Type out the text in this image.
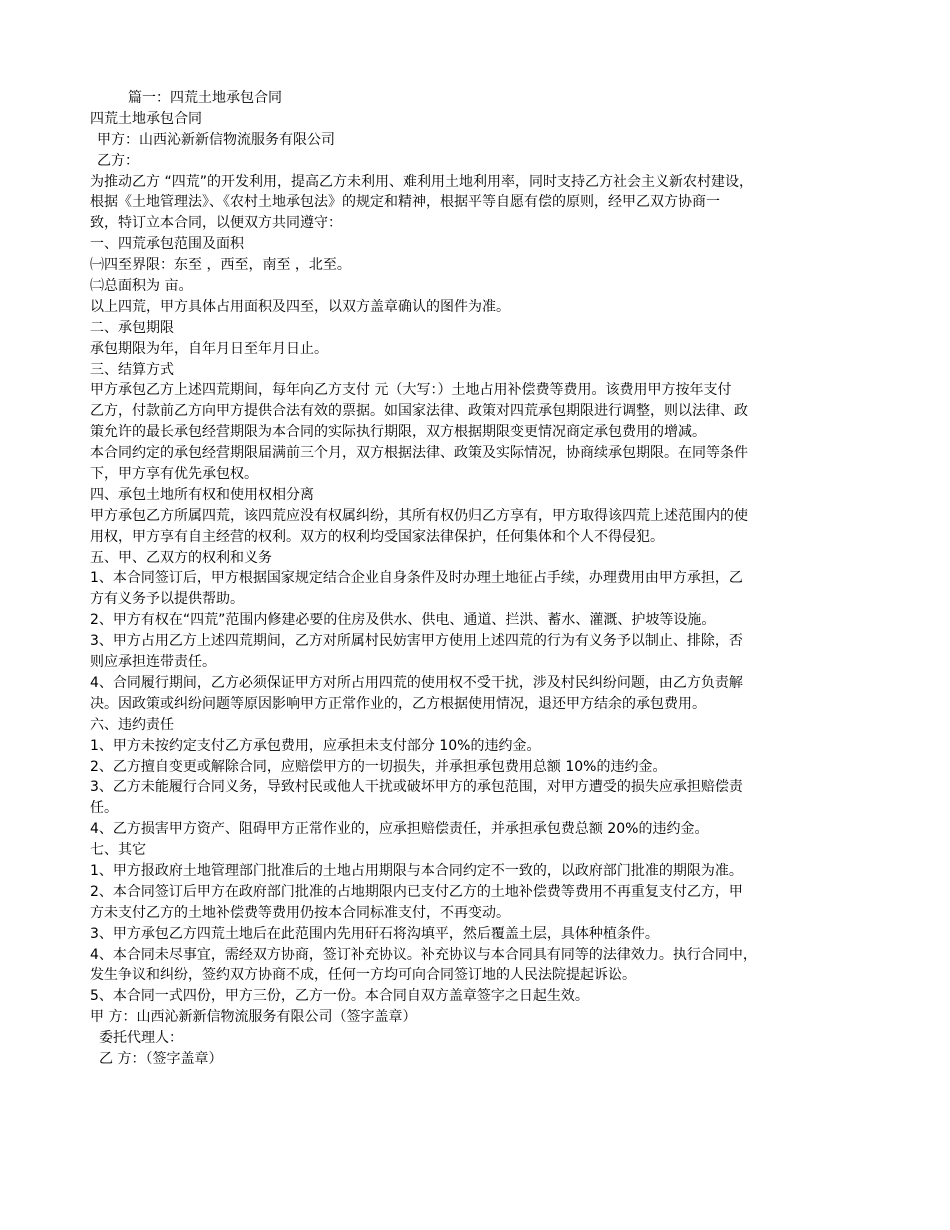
篇一：四荒土地承包合同
四荒土地承包合同
甲方：山西沁新新信物流服务有限公司
乙方：
为推动乙方 “四荒”的开发利用，提高乙方未利用、难利用土地利用率，同时支持乙方社会主义新农村建设，
根据《土地管理法》、《农村土地承包法》的规定和精神，根据平等自愿有偿的原则，经甲乙双方协商一
致，特订立本合同，以便双方共同遵守：
一、四荒承包范围及面积
㈠四至界限：东至 ，西至，南至 ，北至。
㈡总面积为 亩。
以上四荒，甲方具体占用面积及四至，以双方盖章确认的图件为准。
二、承包期限
承包期限为年，自年月日至年月日止。
三、结算方式
甲方承包乙方上述四荒期间，每年向乙方支付 元（大写：）土地占用补偿费等费用。该费用甲方按年支付
乙方，付款前乙方向甲方提供合法有效的票据。如国家法律、政策对四荒承包期限进行调整，则以法律、政
策允许的最长承包经营期限为本合同的实际执行期限，双方根据期限变更情况商定承包费用的增减。
本合同约定的承包经营期限届满前三个月，双方根据法律、政策及实际情况，协商续承包期限。在同等条件
下，甲方享有优先承包权。
四、承包土地所有权和使用权相分离
甲方承包乙方所属四荒，该四荒应没有权属纠纷，其所有权仍归乙方享有，甲方取得该四荒上述范围内的使
用权，甲方享有自主经营的权利。双方的权利均受国家法律保护，任何集体和个人不得侵犯。
五、甲、乙双方的权利和义务
1、本合同签订后，甲方根据国家规定结合企业自身条件及时办理土地征占手续，办理费用由甲方承担，乙
方有义务予以提供帮助。
2、甲方有权在“四荒”范围内修建必要的住房及供水、供电、通道、拦洪、蓄水、灌溉、护坡等设施。
3、甲方占用乙方上述四荒期间，乙方对所属村民妨害甲方使用上述四荒的行为有义务予以制止、排除，否
则应承担连带责任。
4、合同履行期间，乙方必须保证甲方对所占用四荒的使用权不受干扰，涉及村民纠纷问题，由乙方负责解
决。因政策或纠纷问题等原因影响甲方正常作业的，乙方根据使用情况，退还甲方结余的承包费用。
六、违约责任
1、甲方未按约定支付乙方承包费用，应承担未支付部分 10%的违约金。
2、乙方擅自变更或解除合同，应赔偿甲方的一切损失，并承担承包费用总额 10%的违约金。
3、乙方未能履行合同义务，导致村民或他人干扰或破坏甲方的承包范围，对甲方遭受的损失应承担赔偿责
任。
4、乙方损害甲方资产、阻碍甲方正常作业的，应承担赔偿责任，并承担承包费总额 20%的违约金。
七、其它
1、甲方报政府土地管理部门批准后的土地占用期限与本合同约定不一致的，以政府部门批准的期限为准。
2、本合同签订后甲方在政府部门批准的占地期限内已支付乙方的土地补偿费等费用不再重复支付乙方，甲
方未支付乙方的土地补偿费等费用仍按本合同标准支付，不再变动。
3、甲方承包乙方四荒土地后在此范围内先用矸石将沟填平，然后覆盖土层，具体种植条件。
4、本合同未尽事宜，需经双方协商，签订补充协议。补充协议与本合同具有同等的法律效力。执行合同中，
发生争议和纠纷，签约双方协商不成，任何一方均可向合同签订地的人民法院提起诉讼。
5、本合同一式四份，甲方三份，乙方一份。本合同自双方盖章签字之日起生效。
甲 方：山西沁新新信物流服务有限公司（签字盖章）
委托代理人：
乙 方：（签字盖章）
